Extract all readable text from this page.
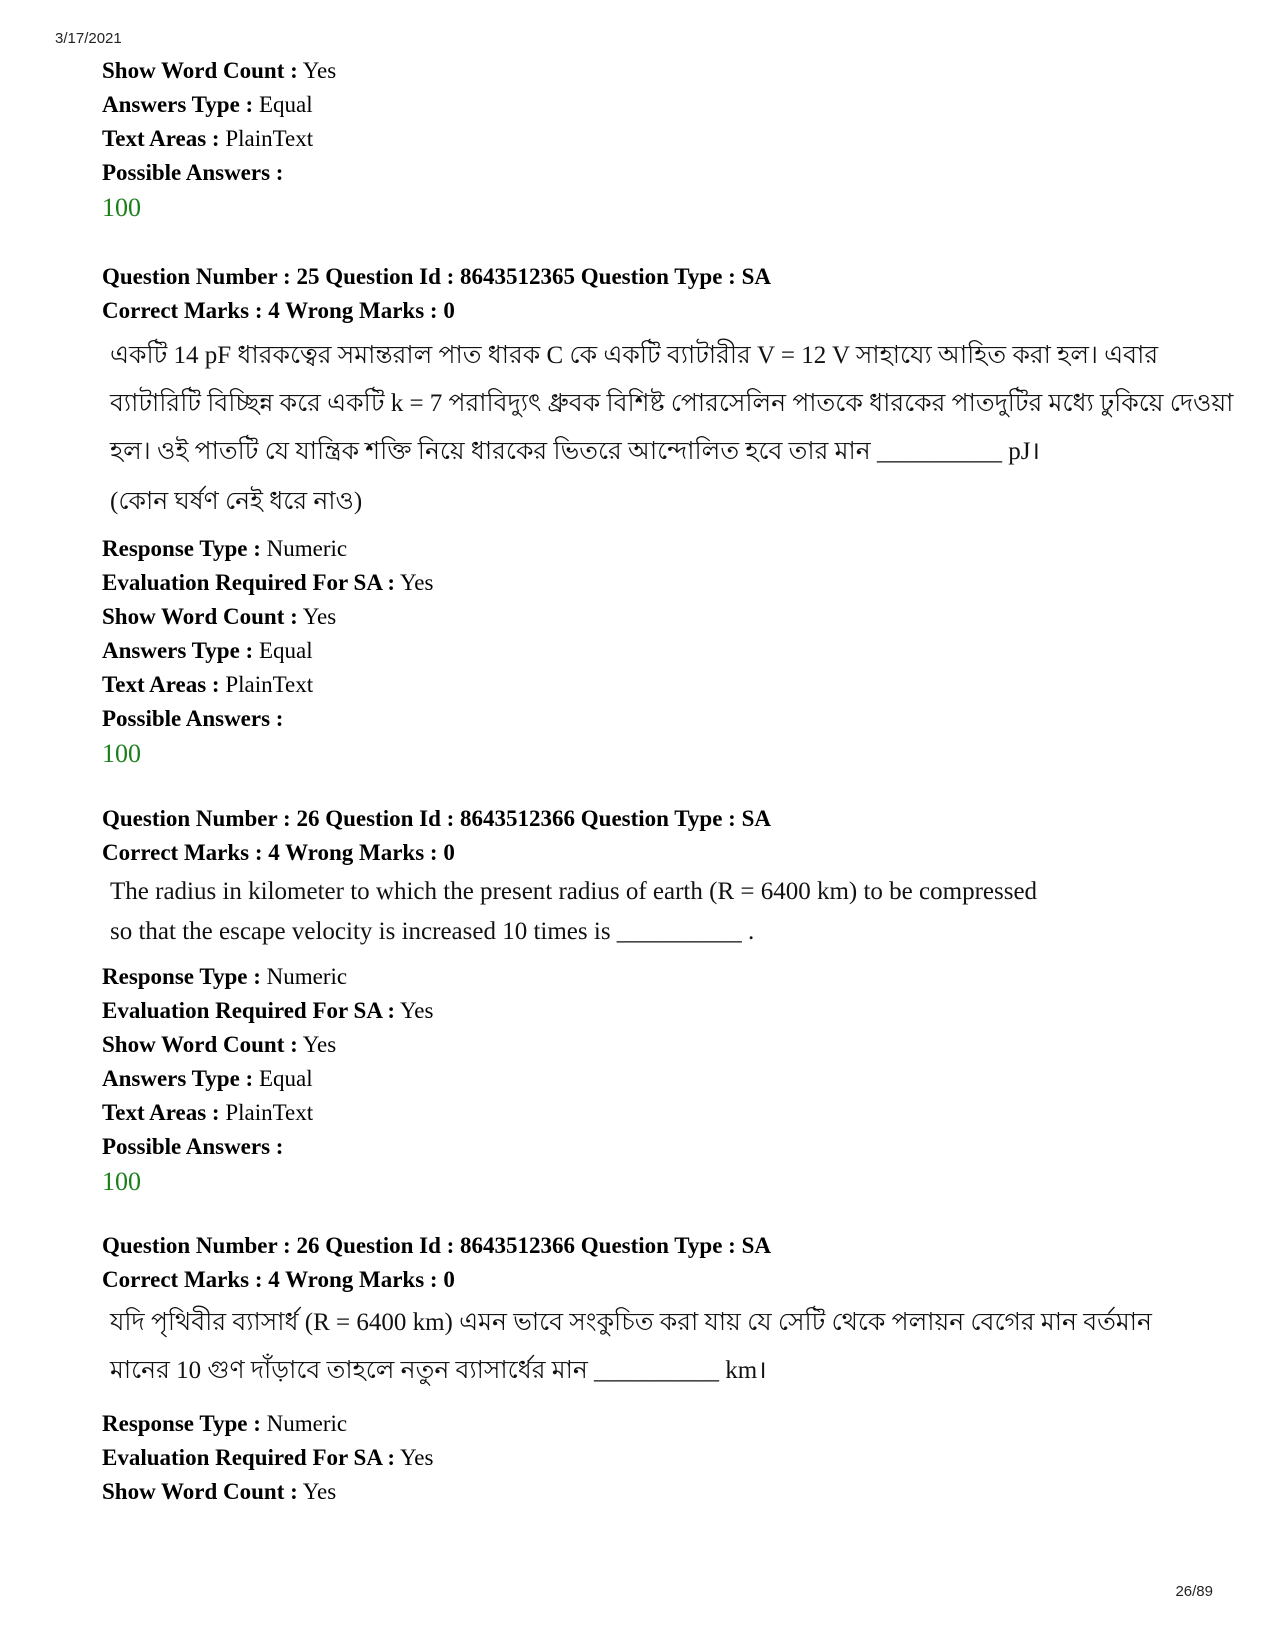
3/17/2021
Show Word Count : Yes
Answers Type : Equal
Text Areas : PlainText
Possible Answers :
100
Question Number : 25 Question Id : 8643512365 Question Type : SA
Correct Marks : 4 Wrong Marks : 0
একটি 14 pF ধারকত্বের সমান্তরাল পাত ধারক C কে একটি ব্যাটারীর V = 12 V সাহায্যে আহিত করা হল। এবার
ব্যাটারিটি বিচ্ছিন্ন করে একটি k = 7 পরাবিদ্যুৎ ধ্রুবক বিশিষ্ট পোরসেলিন পাতকে ধারকের পাতদুটির মধ্যে ঢুকিয়ে দেওয়া
হল। ওই পাতটি যে যান্ত্রিক শক্তি নিয়ে ধারকের ভিতরে আন্দোলিত হবে তার মান __________ pJ।
(কোন ঘর্ষণ নেই ধরে নাও)
Response Type : Numeric
Evaluation Required For SA : Yes
Show Word Count : Yes
Answers Type : Equal
Text Areas : PlainText
Possible Answers :
100
Question Number : 26 Question Id : 8643512366 Question Type : SA
Correct Marks : 4 Wrong Marks : 0
The radius in kilometer to which the present radius of earth (R = 6400 km) to be compressed
so that the escape velocity is increased 10 times is __________ .
Response Type : Numeric
Evaluation Required For SA : Yes
Show Word Count : Yes
Answers Type : Equal
Text Areas : PlainText
Possible Answers :
100
Question Number : 26 Question Id : 8643512366 Question Type : SA
Correct Marks : 4 Wrong Marks : 0
যদি পৃথিবীর ব্যাসার্ধ (R = 6400 km) এমন ভাবে সংকুচিত করা যায় যে সেটি থেকে পলায়ন বেগের মান বর্তমান
মানের 10 গুণ দাঁড়াবে তাহলে নতুন ব্যাসার্ধের মান __________ km।
Response Type : Numeric
Evaluation Required For SA : Yes
Show Word Count : Yes
26/89
